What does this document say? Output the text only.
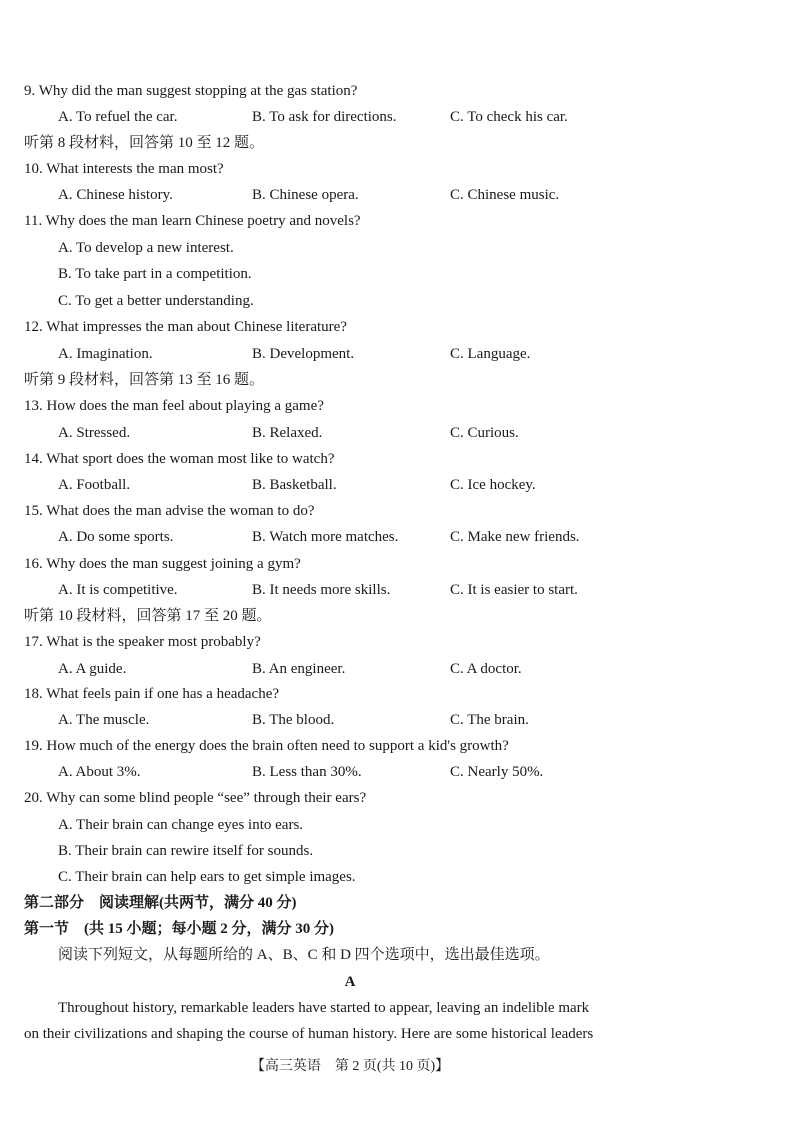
9. Why did the man suggest stopping at the gas station?
A. To refuel the car.	B. To ask for directions.	C. To check his car.
听第 8 段材料，回答第 10 至 12 题。
10. What interests the man most?
A. Chinese history.	B. Chinese opera.	C. Chinese music.
11. Why does the man learn Chinese poetry and novels?
A. To develop a new interest.
B. To take part in a competition.
C. To get a better understanding.
12. What impresses the man about Chinese literature?
A. Imagination.	B. Development.	C. Language.
听第 9 段材料，回答第 13 至 16 题。
13. How does the man feel about playing a game?
A. Stressed.	B. Relaxed.	C. Curious.
14. What sport does the woman most like to watch?
A. Football.	B. Basketball.	C. Ice hockey.
15. What does the man advise the woman to do?
A. Do some sports.	B. Watch more matches.	C. Make new friends.
16. Why does the man suggest joining a gym?
A. It is competitive.	B. It needs more skills.	C. It is easier to start.
听第 10 段材料，回答第 17 至 20 题。
17. What is the speaker most probably?
A. A guide.	B. An engineer.	C. A doctor.
18. What feels pain if one has a headache?
A. The muscle.	B. The blood.	C. The brain.
19. How much of the energy does the brain often need to support a kid's growth?
A. About 3%.	B. Less than 30%.	C. Nearly 50%.
20. Why can some blind people “see” through their ears?
A. Their brain can change eyes into ears.
B. Their brain can rewire itself for sounds.
C. Their brain can help ears to get simple images.
第二部分　阅读理解(共两节，满分 40 分)
第一节　(共 15 小题；每小题 2 分，满分 30 分)
阅读下列短文，从每题所给的 A、B、C 和 D 四个选项中，选出最佳选项。
A
Throughout history, remarkable leaders have started to appear, leaving an indelible mark
on their civilizations and shaping the course of human history. Here are some historical leaders
【高三英语　第 2 页(共 10 页)】
